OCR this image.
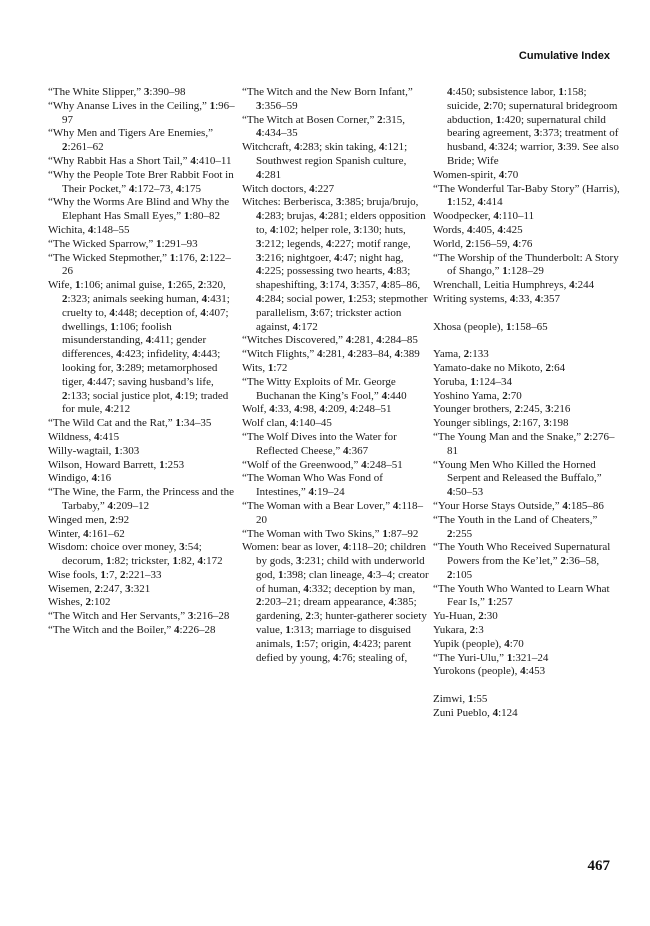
Cumulative Index

“The White Slipper,” 3:390–98

“Why Ananse Lives in the Ceiling,” 1:96–97

“Why Men and Tigers Are Enemies,” 2:261–62

“Why Rabbit Has a Short Tail,” 4:410–11

“Why the People Tote Brer Rabbit Foot in Their Pocket,” 4:172–73, 4:175

“Why the Worms Are Blind and Why the Elephant Has Small Eyes,” 1:80–82

Wichita, 4:148–55

“The Wicked Sparrow,” 1:291–93

“The Wicked Stepmother,” 1:176, 2:122–26

Wife, 1:106; animal guise, 1:265, 2:320, 2:323; animals seeking human, 4:431; cruelty to, 4:448; deception of, 4:407; dwellings, 1:106; foolish misunderstanding, 4:411; gender differences, 4:423; infidelity, 4:443; looking for, 3:289; metamorphosed tiger, 4:447; saving husband’s life, 2:133; social justice plot, 4:19; traded for mule, 4:212

“The Wild Cat and the Rat,” 1:34–35

Wildness, 4:415

Willy-wagtail, 1:303

Wilson, Howard Barrett, 1:253

Windigo, 4:16

“The Wine, the Farm, the Princess and the Tarbaby,” 4:209–12

Winged men, 2:92

Winter, 4:161–62

Wisdom: choice over money, 3:54; decorum, 1:82; trickster, 1:82, 4:172

Wise fools, 1:7, 2:221–33

Wisemen, 2:247, 3:321

Wishes, 2:102

“The Witch and Her Servants,” 3:216–28

“The Witch and the Boiler,” 4:226–28

“The Witch and the New Born Infant,” 3:356–59

“The Witch at Bosen Corner,” 2:315, 4:434–35

Witchcraft, 4:283; skin taking, 4:121; Southwest region Spanish culture, 4:281

Witch doctors, 4:227

Witches: Berberisca, 3:385; bruja/brujo, 4:283; brujas, 4:281; elders opposition to, 4:102; helper role, 3:130; huts, 3:212; legends, 4:227; motif range, 3:216; nightgoer, 4:47; night hag, 4:225; possessing two hearts, 4:83; shapeshifting, 3:174, 3:357, 4:85–86, 4:284; social power, 1:253; stepmother parallelism, 3:67; trickster action against, 4:172

“Witches Discovered,” 4:281, 4:284–85

“Witch Flights,” 4:281, 4:283–84, 4:389

Wits, 1:72

“The Witty Exploits of Mr. George Buchanan the King’s Fool,” 4:440

Wolf, 4:33, 4:98, 4:209, 4:248–51

Wolf clan, 4:140–45

“The Wolf Dives into the Water for Reflected Cheese,” 4:367

“Wolf of the Greenwood,” 4:248–51

“The Woman Who Was Fond of Intestines,” 4:19–24

“The Woman with a Bear Lover,” 4:118–20

“The Woman with Two Skins,” 1:87–92

Women: bear as lover, 4:118–20; children by gods, 3:231; child with underworld god, 1:398; clan lineage, 4:3–4; creator of human, 4:332; deception by man, 2:203–21; dream appearance, 4:385; gardening, 2:3; hunter-gatherer society value, 1:313; marriage to disguised animals, 1:57; origin, 4:423; parent defied by young, 4:76; stealing of,

4:450; subsistence labor, 1:158; suicide, 2:70; supernatural bridegroom abduction, 1:420; supernatural child bearing agreement, 3:373; treatment of husband, 4:324; warrior, 3:39. See also Bride; Wife

Women-spirit, 4:70

“The Wonderful Tar-Baby Story” (Harris), 1:152, 4:414

Woodpecker, 4:110–11

Words, 4:405, 4:425

World, 2:156–59, 4:76

“The Worship of the Thunderbolt: A Story of Shango,” 1:128–29

Wrenchall, Leitia Humphreys, 4:244

Writing systems, 4:33, 4:357

Xhosa (people), 1:158–65

Yama, 2:133

Yamato-dake no Mikoto, 2:64

Yoruba, 1:124–34

Yoshino Yama, 2:70

Younger brothers, 2:245, 3:216

Younger siblings, 2:167, 3:198

“The Young Man and the Snake,” 2:276–81

“Young Men Who Killed the Horned Serpent and Released the Buffalo,” 4:50–53

“Your Horse Stays Outside,” 4:185–86

“The Youth in the Land of Cheaters,” 2:255

“The Youth Who Received Supernatural Powers from the Ke’let,” 2:36–58, 2:105

“The Youth Who Wanted to Learn What Fear Is,” 1:257

Yu-Huan, 2:30

Yukara, 2:3

Yupik (people), 4:70

“The Yuri-Ulu,” 1:321–24

Yurokons (people), 4:453

Zimwi, 1:55

Zuni Pueblo, 4:124

467
